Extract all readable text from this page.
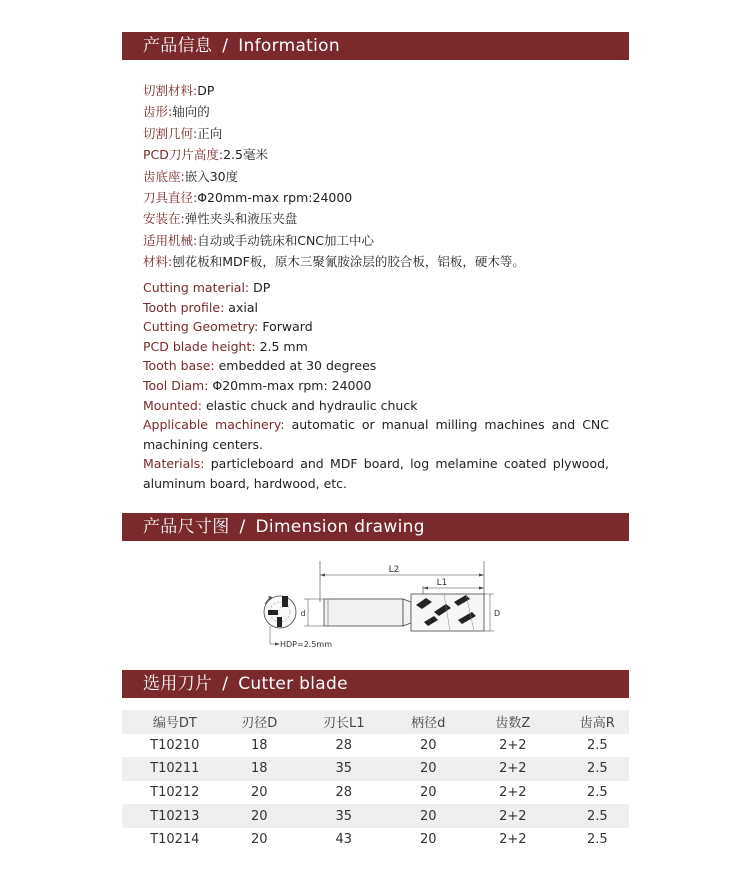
产品信息 / Information
切割材料:DP
齿形:轴向的
切割几何:正向
PCD刀片高度:2.5毫米
齿底座:嵌入30度
刀具直径:Φ20mm-max rpm:24000
安装在:弹性夹头和液压夹盘
适用机械:自动或手动铣床和CNC加工中心
材料:刨花板和MDF板，原木三聚氰胺涂层的胶合板，铝板，硬木等。
Cutting material: DP
Tooth profile: axial
Cutting Geometry: Forward
PCD blade height: 2.5 mm
Tooth base: embedded at 30 degrees
Tool Diam: Φ20mm-max rpm: 24000
Mounted: elastic chuck and hydraulic chuck
Applicable machinery: automatic or manual milling machines and CNC machining centers.
Materials: particleboard and MDF board, log melamine coated plywood, aluminum board, hardwood, etc.
产品尺寸图 / Dimension drawing
L2
L1
d	D
HDP=2.5mm
选用刀片 / Cutter blade
编号DT	刃径D	刃长L1	柄径d	齿数Z	齿高R
T10210	18	28	20	2+2	2.5
T10211	18	35	20	2+2	2.5
T10212	20	28	20	2+2	2.5
T10213	20	35	20	2+2	2.5
T10214	20	43	20	2+2	2.5
